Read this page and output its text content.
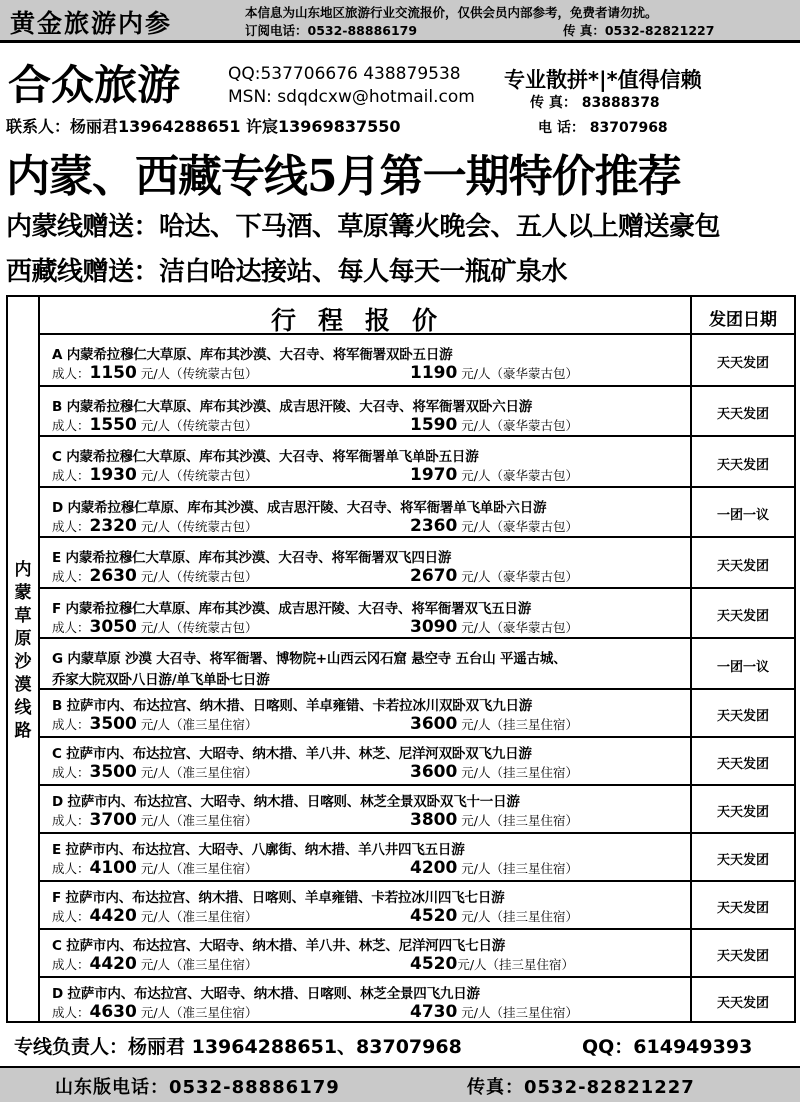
黄金旅游内参	本信息为山东地区旅游行业交流报价，仅供会员内部参考，免费者请勿扰。
订阅电话：0532-88886179	传 真：0532-82821227
合众旅游	QQ:537706676 438879538
MSN: sdqdcxw@hotmail.com
专业散拼*|*值得信赖
传 真： 83888378
联系人：杨丽君13964288651 许宸13969837550	电 话： 83707968
内蒙、西藏专线5月第一期特价推荐
内蒙线赠送：哈达、下马酒、草原篝火晚会、五人以上赠送豪包
西藏线赠送：洁白哈达接站、每人每天一瓶矿泉水
内蒙草原沙漠线路
行程报价	发团日期
A 内蒙希拉穆仁大草原、库布其沙漠、大召寺、将军衙署双卧五日游
成人：1150 元/人（传统蒙古包）	1190 元/人（豪华蒙古包）
天天发团
B 内蒙希拉穆仁大草原、库布其沙漠、成吉思汗陵、大召寺、将军衙署双卧六日游
成人：1550 元/人（传统蒙古包）	1590 元/人（豪华蒙古包）
天天发团
C 内蒙希拉穆仁大草原、库布其沙漠、大召寺、将军衙署单飞单卧五日游
成人：1930 元/人（传统蒙古包）	1970 元/人（豪华蒙古包）
天天发团
D 内蒙希拉穆仁草原、库布其沙漠、成吉思汗陵、大召寺、将军衙署单飞单卧六日游
成人：2320 元/人（传统蒙古包）	2360 元/人（豪华蒙古包）
一团一议
E 内蒙希拉穆仁大草原、库布其沙漠、大召寺、将军衙署双飞四日游
成人：2630 元/人（传统蒙古包）	2670 元/人（豪华蒙古包）
天天发团
F 内蒙希拉穆仁大草原、库布其沙漠、成吉思汗陵、大召寺、将军衙署双飞五日游
成人：3050 元/人（传统蒙古包）	3090 元/人（豪华蒙古包）
天天发团
G 内蒙草原 沙漠 大召寺、将军衙署、博物院+山西云冈石窟 悬空寺 五台山 平遥古城、
乔家大院双卧八日游/单飞单卧七日游
一团一议
B 拉萨市内、布达拉宫、纳木措、日喀则、羊卓雍错、卡若拉冰川双卧双飞九日游
成人：3500 元/人（准三星住宿）	3600 元/人（挂三星住宿）
天天发团
C 拉萨市内、布达拉宫、大昭寺、纳木措、羊八井、林芝、尼洋河双卧双飞九日游
成人：3500 元/人（准三星住宿）	3600 元/人（挂三星住宿）
天天发团
D 拉萨市内、布达拉宫、大昭寺、纳木措、日喀则、林芝全景双卧双飞十一日游
成人：3700 元/人（准三星住宿）	3800 元/人（挂三星住宿）
天天发团
E 拉萨市内、布达拉宫、大昭寺、八廓街、纳木措、羊八井四飞五日游
成人：4100 元/人（准三星住宿）	4200 元/人（挂三星住宿）
天天发团
F 拉萨市内、布达拉宫、纳木措、日喀则、羊卓雍错、卡若拉冰川四飞七日游
成人：4420 元/人（准三星住宿）	4520 元/人（挂三星住宿）
天天发团
C 拉萨市内、布达拉宫、大昭寺、纳木措、羊八井、林芝、尼洋河四飞七日游
成人：4420 元/人（准三星住宿）	4520元/人（挂三星住宿）
天天发团
D 拉萨市内、布达拉宫、大昭寺、纳木措、日喀则、林芝全景四飞九日游
成人：4630 元/人（准三星住宿）	4730 元/人（挂三星住宿）
天天发团
专线负责人：杨丽君 13964288651、83707968	QQ：614949393
山东版电话：0532-88886179	传真：0532-82821227
